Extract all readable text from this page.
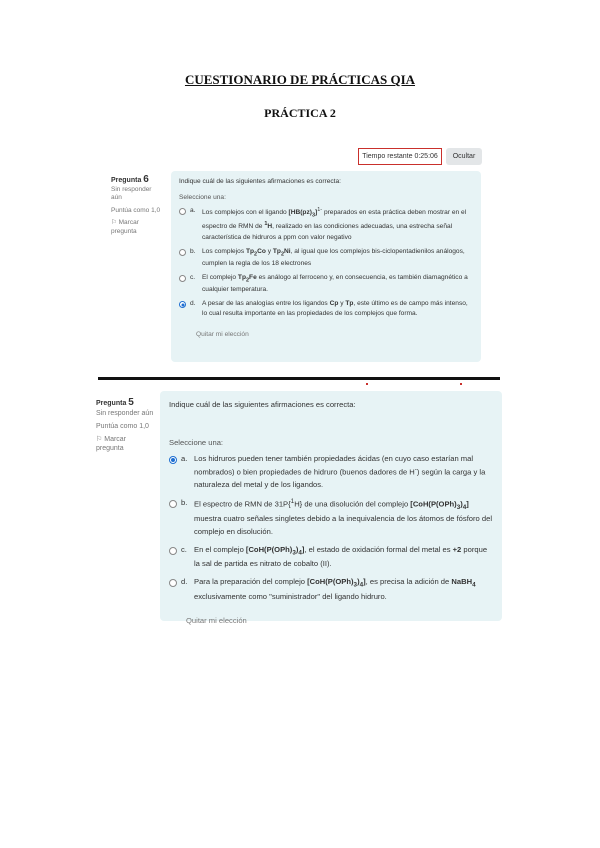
CUESTIONARIO DE PRÁCTICAS QIA
PRÁCTICA 2
Tiempo restante 0:25:06	Ocultar
Pregunta 6
Sin responder aún
Puntúa como 1,0
⚐ Marcar pregunta
Indique cuál de las siguientes afirmaciones es correcta:
Seleccione una:
a. Los complejos con el ligando $[HB(pz)_3]^{1-}$ preparados en esta práctica deben mostrar en el espectro de RMN de $^1$H, realizado en las condiciones adecuadas, una estrecha señal característica de hidruros a ppm con valor negativo
b. Los complejos $Tp_2Co$ y $Tp_2Ni$, al igual que los complejos bis-ciclopentadienilos análogos, cumplen la regla de los 18 electrones
c.	El complejo $Tp_2Fe$ es análogo al ferroceno y, en consecuencia, es también diamagnético a cualquier temperatura.
d. A pesar de las analogías entre los ligandos Cp y Tp, este último es de campo más intenso, lo cual resulta importante en las propiedades de los complejos que forma.
Quitar mi elección
Pregunta 5
Sin responder aún
Puntúa como 1,0
⚐ Marcar pregunta
Indique cuál de las siguientes afirmaciones es correcta:
Seleccione una:
a. Los hidruros pueden tener también propiedades ácidas (en cuyo caso estarían mal nombrados) o bien propiedades de hidruro (buenos dadores de H-) según la carga y la naturaleza del metal y de los ligandos.
b. El espectro de RMN de 31P{$^1$H} de una disolución del complejo $[CoH(P(OPh)_3)_4]$ muestra cuatro señales singletes debido a la inequivalencia de los átomos de fósforo del complejo en disolución.
c. En el complejo $[CoH(P(OPh)_3)_4]$, el estado de oxidación formal del metal es +2 porque la sal de partida es nitrato de cobalto (II).
d. Para la preparación del complejo $[CoH(P(OPh)_3)_4]$, es precisa la adición de NaBH$_4$ exclusivamente como "suministrador" del ligando hidruro.
Quitar mi elección
